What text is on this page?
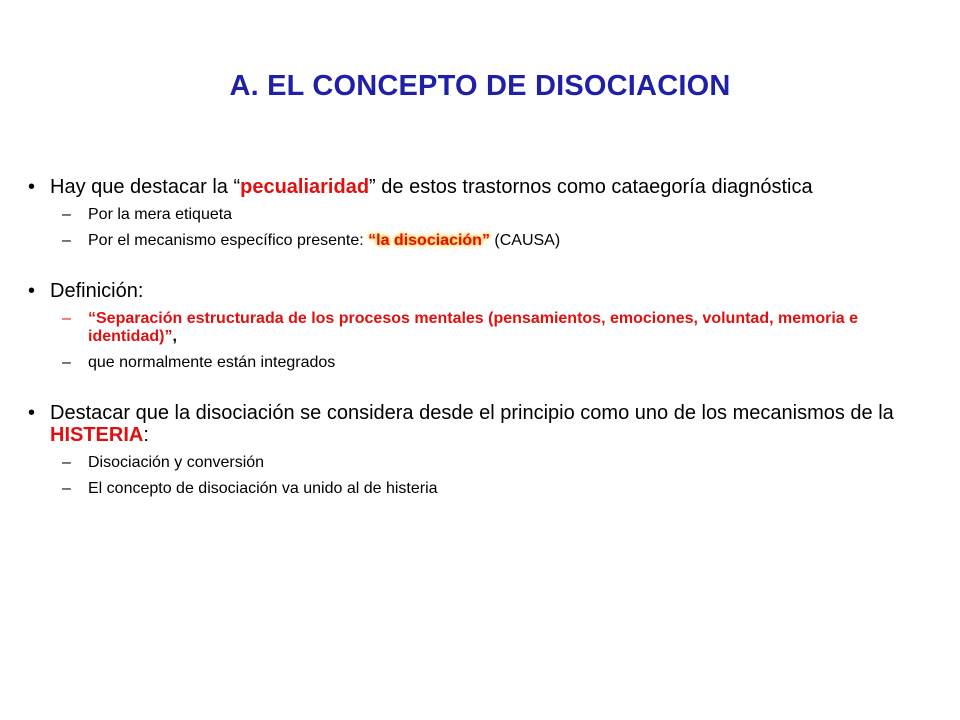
A. EL CONCEPTO DE DISOCIACION
• Hay que destacar la “pecualiaridad” de estos trastornos como cataegoría diagnóstica
– Por la mera etiqueta
– Por el mecanismo específico presente: “la disociación” (CAUSA)
• Definición:
– “Separación estructurada de los procesos mentales (pensamientos, emociones, voluntad, memoria e identidad)”,
– que normalmente están integrados
• Destacar que la disociación se considera desde el principio como uno de los mecanismos de la HISTERIA:
– Disociación y conversión
– El concepto de disociación va unido al de histeria
